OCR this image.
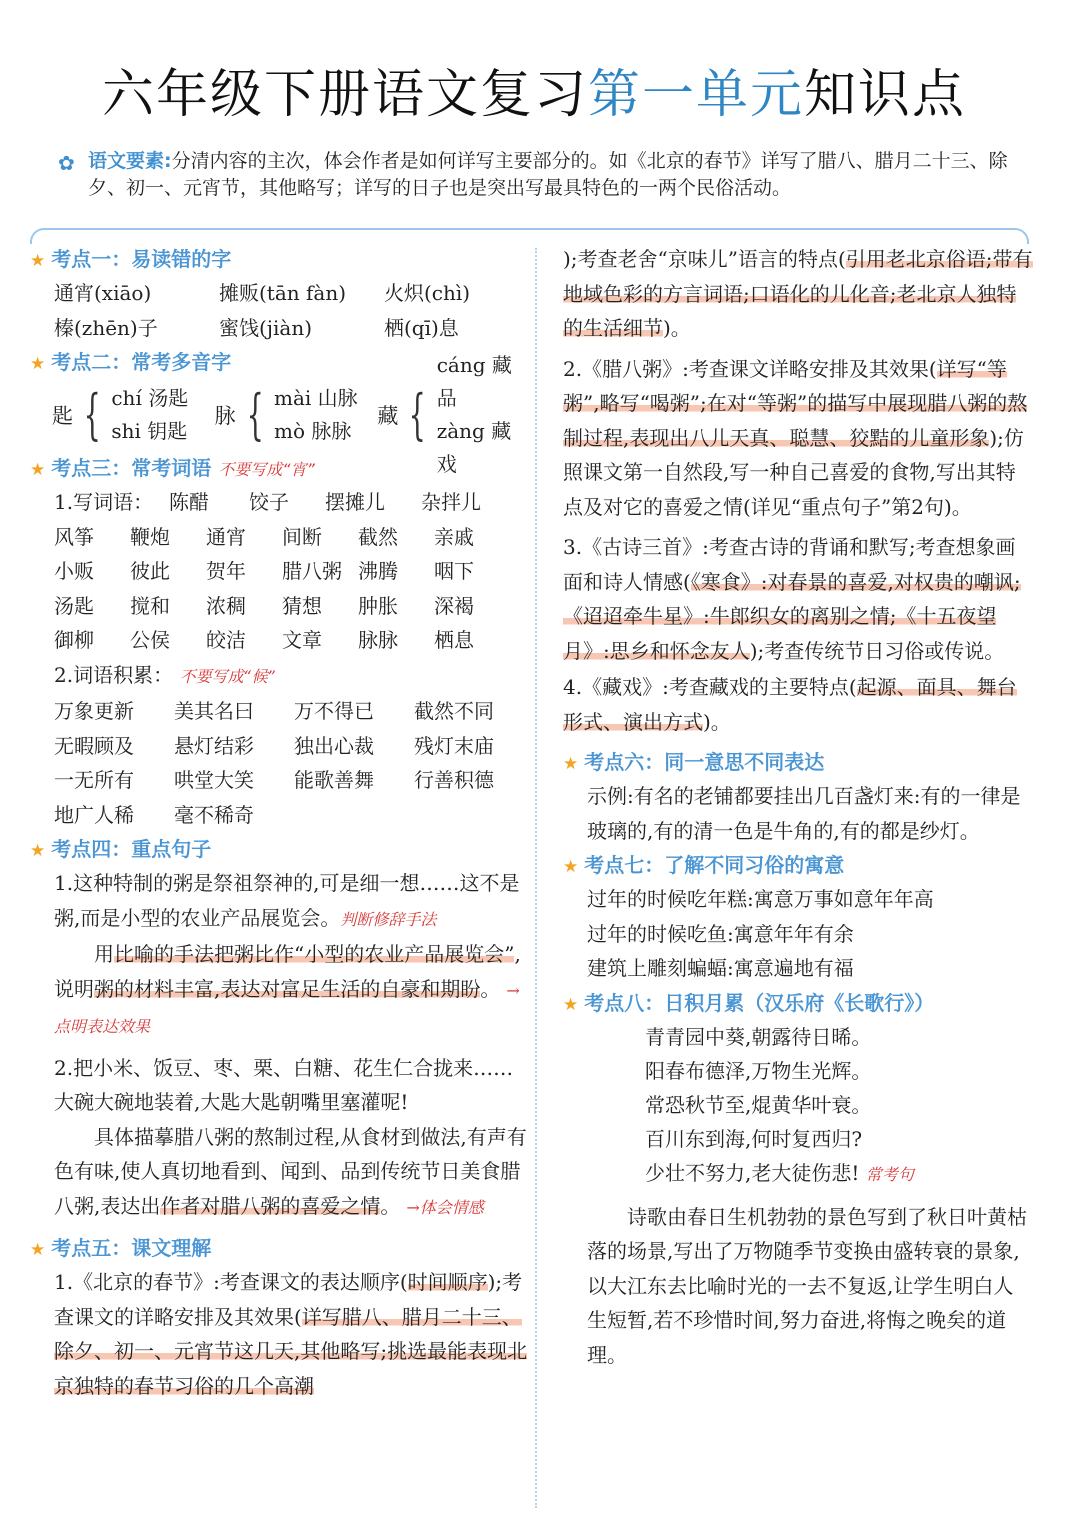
六年级下册语文复习第一单元知识点
✿ 语文要素:分清内容的主次，体会作者是如何详写主要部分的。如《北京的春节》详写了腊八、腊月二十三、除夕、初一、元宵节，其他略写；详写的日子也是突出写最具特色的一两个民俗活动。
★ 考点一：易读错的字
通宵(xiāo)	摊贩(tān fàn)	火炽(chì)
榛(zhēn)子	蜜饯(jiàn)	栖(qī)息
★ 考点二：常考多音字
匙 { chí 汤匙
shi 钥匙
脉 { mài 山脉
mò 脉脉
藏 {
cáng 藏品
zàng 藏戏
★ 考点三：常考词语 不要写成“宵”
1.写词语： 陈醋	饺子	摆摊儿	杂拌儿
风筝	鞭炮	通宵	间断	截然	亲戚
小贩	彼此	贺年	腊八粥 沸腾	咽下
汤匙	搅和	浓稠	猜想	肿胀	深褐
御柳	公侯	皎洁	文章	脉脉	栖息
2.词语积累： 不要写成“候”
万象更新	美其名曰	万不得已	截然不同
无暇顾及	悬灯结彩	独出心裁	残灯末庙
一无所有	哄堂大笑	能歌善舞	行善积德
地广人稀	毫不稀奇
★ 考点四：重点句子
1.这种特制的粥是祭祖祭神的,可是细一想……这不是粥,而是小型的农业产品展览会。判断修辞手法
用比喻的手法把粥比作“小型的农业产品展览会”,说明粥的材料丰富,表达对富足生活的自豪和期盼。 →点明表达效果
2.把小米、饭豆、枣、栗、白糖、花生仁合拢来……大碗大碗地装着,大匙大匙朝嘴里塞灌呢!
具体描摹腊八粥的熬制过程,从食材到做法,有声有色有味,使人真切地看到、闻到、品到传统节日美食腊八粥,表达出作者对腊八粥的喜爱之情。 →体会情感
★ 考点五：课文理解
1.《北京的春节》:考查课文的表达顺序(时间顺序);考查课文的详略安排及其效果(详写腊八、腊月二十三、除夕、初一、元宵节这几天,其他略写;挑选最能表现北京独特的春节习俗的几个高潮
);考查老舍“京味儿”语言的特点(引用老北京俗语;带有地域色彩的方言词语;口语化的儿化音;老北京人独特的生活细节)。
2.《腊八粥》:考查课文详略安排及其效果(详写“等粥”,略写“喝粥”;在对“等粥”的描写中展现腊八粥的熬制过程,表现出八儿天真、聪慧、狡黠的儿童形象);仿照课文第一自然段,写一种自己喜爱的食物,写出其特点及对它的喜爱之情(详见“重点句子”第2句)。
3.《古诗三首》:考查古诗的背诵和默写;考查想象画面和诗人情感(《寒食》:对春景的喜爱,对权贵的嘲讽;《迢迢牵牛星》:牛郎织女的离别之情;《十五夜望月》:思乡和怀念友人);考查传统节日习俗或传说。
4.《藏戏》:考查藏戏的主要特点(起源、面具、舞台形式、演出方式)。
★ 考点六：同一意思不同表达
示例:有名的老铺都要挂出几百盏灯来:有的一律是玻璃的,有的清一色是牛角的,有的都是纱灯。
★ 考点七：了解不同习俗的寓意
过年的时候吃年糕:寓意万事如意年年高
过年的时候吃鱼:寓意年年有余
建筑上雕刻蝙蝠:寓意遍地有福
★ 考点八：日积月累（汉乐府《长歌行》）
青青园中葵,朝露待日晞。
阳春布德泽,万物生光辉。
常恐秋节至,焜黄华叶衰。
百川东到海,何时复西归?
少壮不努力,老大徒伤悲! 常考句
诗歌由春日生机勃勃的景色写到了秋日叶黄枯落的场景,写出了万物随季节变换由盛转衰的景象,以大江东去比喻时光的一去不复返,让学生明白人生短暂,若不珍惜时间,努力奋进,将悔之晚矣的道理。
